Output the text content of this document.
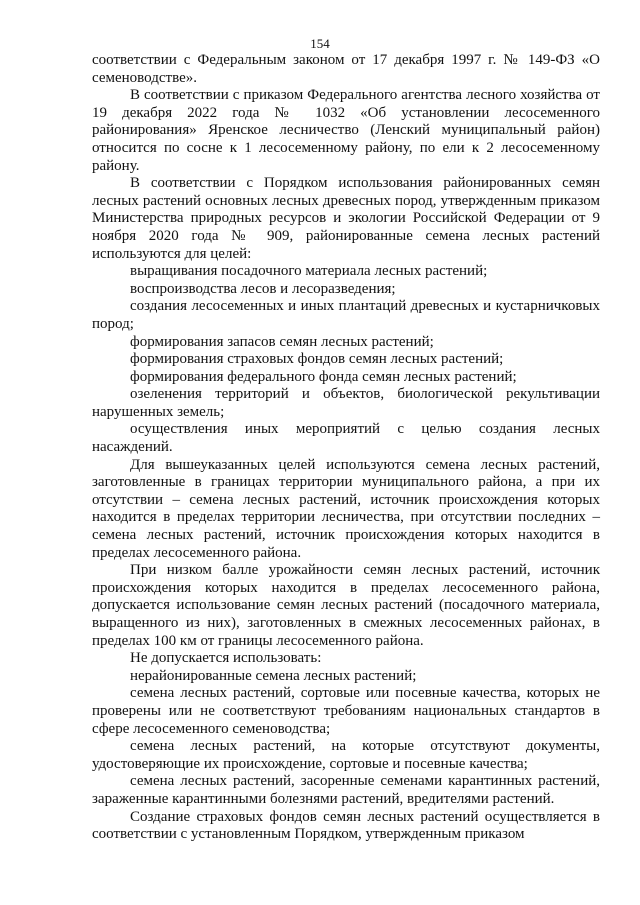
154

соответствии с Федеральным законом от 17 декабря 1997 г. № 149-ФЗ «О семеноводстве».

В соответствии с приказом Федерального агентства лесного хозяйства от 19 декабря 2022 года № 1032 «Об установлении лесосеменного районирования» Яренское лесничество (Ленский муниципальный район) относится по сосне к 1 лесосеменному району, по ели к 2 лесосеменному району.

В соответствии с Порядком использования районированных семян лесных растений основных лесных древесных пород, утвержденным приказом Министерства природных ресурсов и экологии Российской Федерации от 9 ноября 2020 года № 909, районированные семена лесных растений используются для целей:

выращивания посадочного материала лесных растений;

воспроизводства лесов и лесоразведения;

создания лесосеменных и иных плантаций древесных и кустарничковых пород;

формирования запасов семян лесных растений;

формирования страховых фондов семян лесных растений;

формирования федерального фонда семян лесных растений;

озеленения территорий и объектов, биологической рекультивации нарушенных земель;

осуществления иных мероприятий с целью создания лесных насаждений.

Для вышеуказанных целей используются семена лесных растений, заготовленные в границах территории муниципального района, а при их отсутствии – семена лесных растений, источник происхождения которых находится в пределах территории лесничества, при отсутствии последних – семена лесных растений, источник происхождения которых находится в пределах лесосеменного района.

При низком балле урожайности семян лесных растений, источник происхождения которых находится в пределах лесосеменного района, допускается использование семян лесных растений (посадочного материала, выращенного из них), заготовленных в смежных лесосеменных районах, в пределах 100 км от границы лесосеменного района.

Не допускается использовать:

нерайонированные семена лесных растений;

семена лесных растений, сортовые или посевные качества, которых не проверены или не соответствуют требованиям национальных стандартов в сфере лесосеменного семеноводства;

семена лесных растений, на которые отсутствуют документы, удостоверяющие их происхождение, сортовые и посевные качества;

семена лесных растений, засоренные семенами карантинных растений, зараженные карантинными болезнями растений, вредителями растений.

Создание страховых фондов семян лесных растений осуществляется в соответствии с установленным Порядком, утвержденным приказом
